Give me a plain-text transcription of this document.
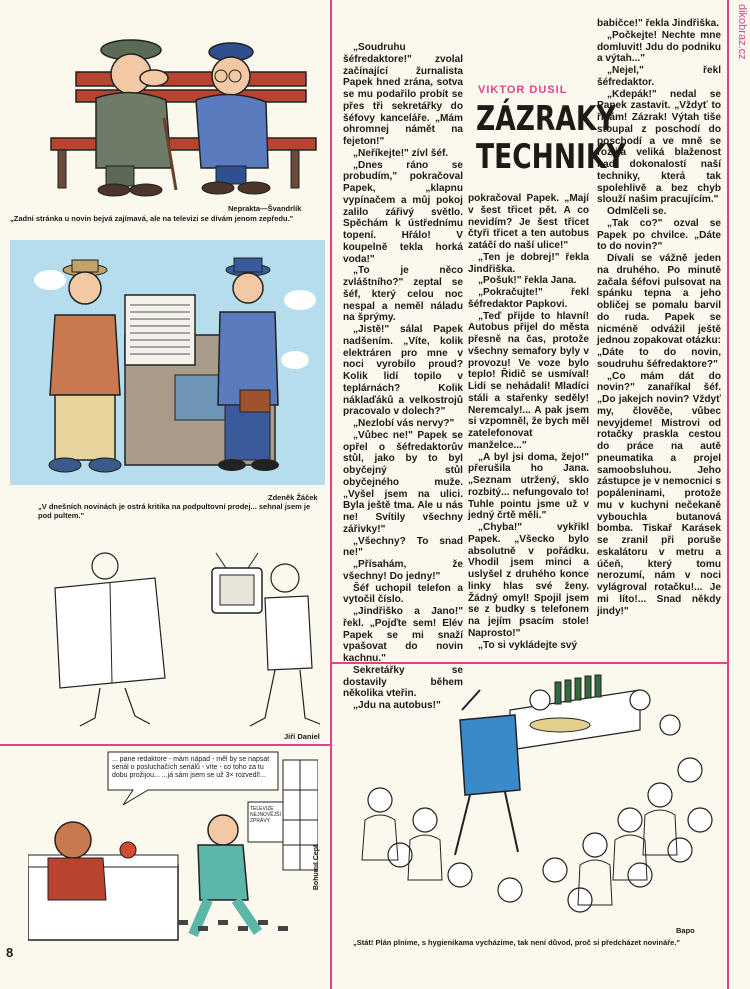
dikobraz.cz
Neprakta—Švandrlík
„Zadní stránka u novin bejvá zajímavá, ale na televizi se dívám jenom zepředu."
Zdeněk Žáček
„V dnešních novinách je ostrá kritika na podpultovní prodej... sehnal jsem je pod pultem."
Jiří Daniel
... pane redaktore - mám nápad - měl by se napsat seriál o posluchačích seriálů - víte - co toho za tu dobu prožijou... ...já sám jsem se už 3× rozvedl!...
TELEVIZE NEJNOVĚJŠÍ ZPRÁVY
Bohumil Cepl
8
VIKTOR DUSIL
ZÁZRAKY
TECHNIKY

„Soudruhu šéfredaktore!" zvolal začínající žurnalista Papek hned zrána, sotva se mu podařilo probít se přes tři sekretářky do šéfovy kanceláře. „Mám ohromnej námět na fejeton!"

„Neříkejte!" zívl šéf.

„Dnes ráno se probudím," pokračoval Papek, „klapnu vypínačem a můj pokoj zalilo zářivý světlo. Spěchám k ústřednímu topení. Hřálo! V koupelně tekla horká voda!"

„To je něco zvláštního?" zeptal se šéf, který celou noc nespal a neměl náladu na šprýmy.

„Jistě!" sálal Papek nadšením. „Víte, kolik elektráren pro mne v noci vyrobilo proud? Kolik lidí topilo v teplárnách? Kolik náklaďáků a velkostrojů pracovalo v dolech?"

„Nezlobí vás nervy?"

„Vůbec ne!" Papek se opřel o šéfredaktorův stůl, jako by to byl obyčejný stůl obyčejného muže. „Vyšel jsem na ulici. Byla ještě tma. Ale u nás ne! Svítily všechny zářivky!"

„Všechny? To snad ne!"

„Přísahám, že všechny! Do jedny!"

Šéf uchopil telefon a vytočil číslo.

„Jindřiško a Jano!" řekl. „Pojďte sem! Elév Papek se mi snaží vpašovat do novin kachnu."

Sekretářky se dostavily během několika vteřin.

„Jdu na autobus!"

pokračoval Papek. „Mají v šest třicet pět. A co nevidím? Je šest třicet čtyři třicet a ten autobus zatáčí do naší ulice!"

„Ten je dobrej!" řekla Jindřiška.

„Pošuk!" řekla Jana.

„Pokračujte!" řekl šéfredaktor Papkovi.

„Teď přijde to hlavní! Autobus přijel do města přesně na čas, protože všechny semafory byly v provozu! Ve voze bylo teplo! Řidič se usmíval! Lidi se nehádali! Mladíci stáli a stařenky seděly! Neremcaly!... A pak jsem si vzpomněl, že bych měl zatelefonovat manželce..."

„A byl jsi doma, žejo!" přerušila ho Jana. „Seznam utržený, sklo rozbitý... nefungovalo to! Tuhle pointu jsme už v jedný črtě měli."

„Chyba!" vykřikl Papek. „Všecko bylo absolutně v pořádku. Vhodil jsem minci a uslyšel z druhého konce linky hlas své ženy. Žádný omyl! Spojil jsem se z budky s telefonem na jejím psacím stole! Naprosto!"

„To si vykládejte svý

babičce!" řekla Jindřiška.

„Počkejte! Nechte mne domluvit! Jdu do podniku a výtah..."

„Nejel," řekl šéfredaktor.

„Kdepák!" nedal se Papek zastavit. „Vždyť to říkám! Zázrak! Výtah tiše stoupal z poschodí do poschodí a ve mně se rozlila veliká blaženost nad dokonalostí naší techniky, která tak spolehlivě a bez chyb slouží našim pracujícím."

Odmlčeli se.

„Tak co?" ozval se Papek po chvilce. „Dáte to do novin?"

Dívali se vážně jeden na druhého. Po minutě začala šéfovi pulsovat na spánku tepna a jeho obličej se pomalu barvil do ruda. Papek se nicméně odvážil ještě jednou zopakovat otázku: „Dáte to do novin, soudruhu šéfredaktore?"

„Co mám dát do novin?" zanaříkal šéf. „Do jakejch novin? Vždyť my, člověče, vůbec nevyjdeme! Mistrovi od rotačky praskla cestou do práce na autě pneumatika a projel samoobsluhou. Jeho zástupce je v nemocnici s popáleninami, protože mu v kuchyni nečekaně vybouchla butanová bomba. Tiskař Karásek se zranil při poruše eskalátoru v metru a účeň, který tomu nerozumí, nám v noci vylágroval rotačku!... Je mi líto!... Snad někdy jindy!"

Bapo
„Stát! Plán plníme, s hygienikama vycházíme, tak není důvod, proč si předcházet novináře."
